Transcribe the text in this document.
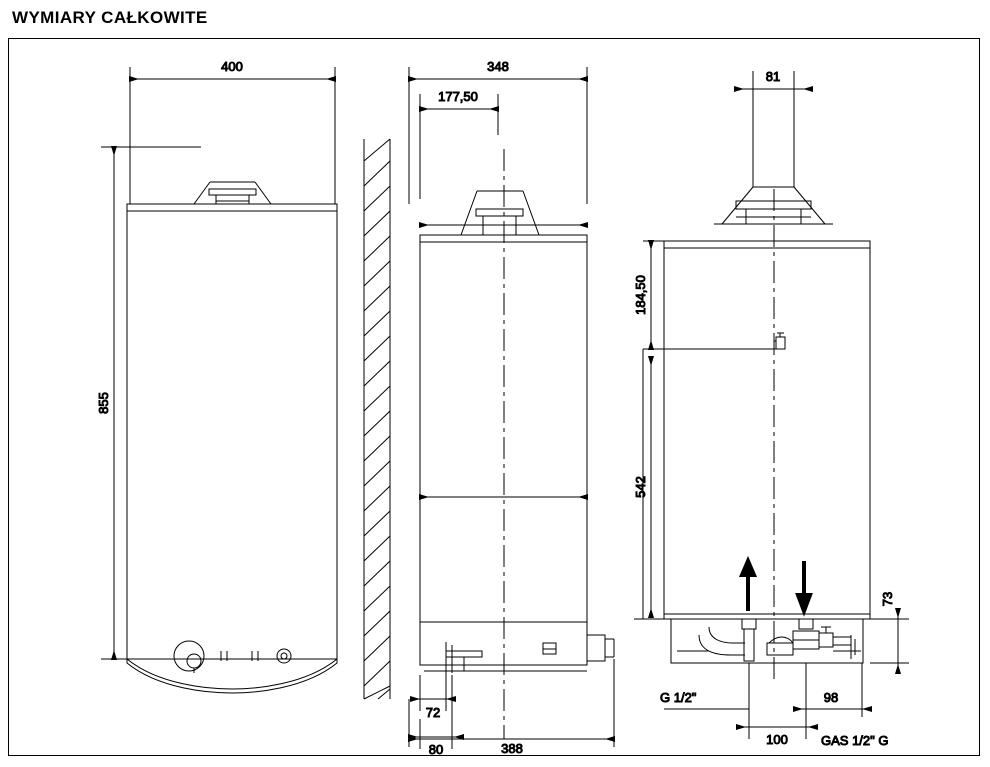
WYMIARY CAŁKOWITE
400
855
348
177,50
72
80	388
81
184,50
542
73
100
98
G 1/2"
GAS 1/2" G
